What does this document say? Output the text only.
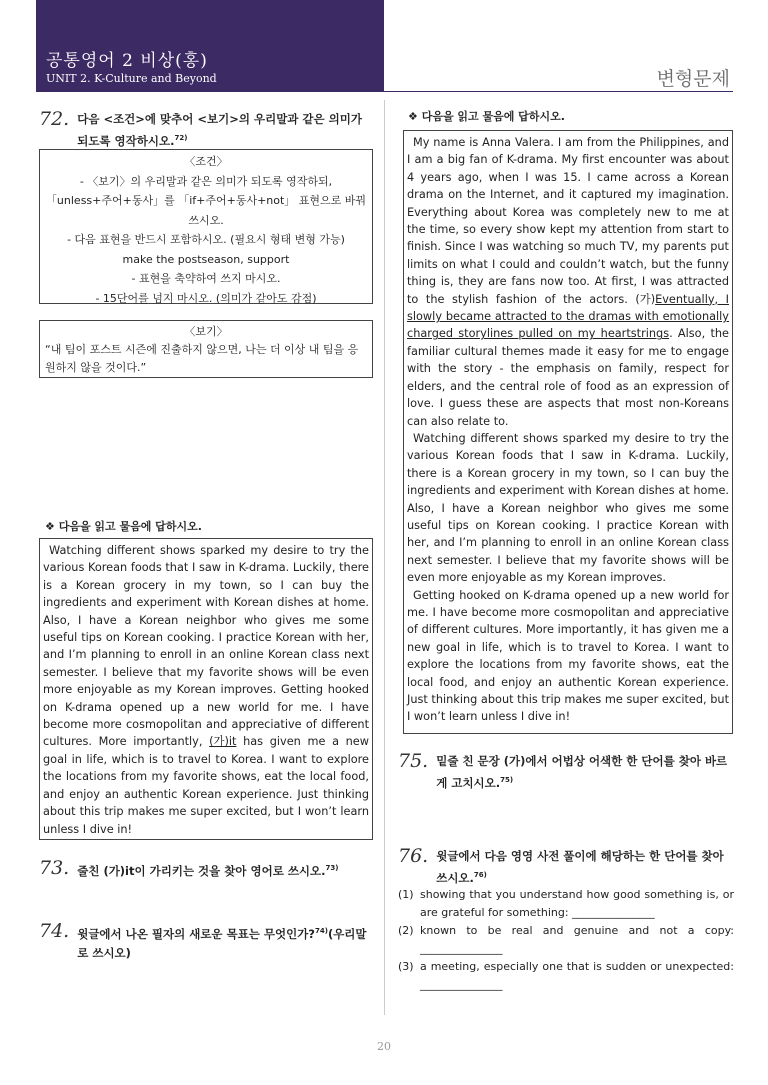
공통영어 2 비상(홍)
UNIT 2. K-Culture and Beyond	변형문제
72. 다음 <조건>에 맞추어 <보기>의 우리말과 같은 의미가 되도록 영작하시오.$^{72)}$
〈조건〉
- 〈보기〉의 우리말과 같은 의미가 되도록 영작하되,
「unless+주어+동사」를 「if+주어+동사+not」 표현으로 바꿔
쓰시오.
- 다음 표현을 반드시 포함하시오. (필요시 형태 변형 가능)
make the postseason, support
- 표현을 축약하여 쓰지 마시오.
- 15단어를 넘지 마시오. (의미가 같아도 감점)
〈보기〉
“내 팀이 포스트 시즌에 진출하지 않으면, 나는 더 이상 내 팀을 응원하지 않을 것이다.”
❖ 다음을 읽고 물음에 답하시오.

Watching different shows sparked my desire to try the various Korean foods that I saw in K-drama. Luckily, there is a Korean grocery in my town, so I can buy the ingredients and experiment with Korean dishes at home. Also, I have a Korean neighbor who gives me some useful tips on Korean cooking. I practice Korean with her, and I’m planning to enroll in an online Korean class next semester. I believe that my favorite shows will be even more enjoyable as my Korean improves. Getting hooked on K-drama opened up a new world for me. I have become more cosmopolitan and appreciative of different cultures. More importantly, (가)it has given me a new goal in life, which is to travel to Korea. I want to explore the locations from my favorite shows, eat the local food, and enjoy an authentic Korean experience. Just thinking about this trip makes me super excited, but I won’t learn unless I dive in!

73. 줄친 (가)it이 가리키는 것을 찾아 영어로 쓰시오.$^{73)}$
74. 윗글에서 나온 필자의 새로운 목표는 무엇인가?$^{74)}$(우리말로 쓰시오)
❖ 다음을 읽고 물음에 답하시오.

My name is Anna Valera. I am from the Philippines, and I am a big fan of K-drama. My first encounter was about 4 years ago, when I was 15. I came across a Korean drama on the Internet, and it captured my imagination. Everything about Korea was completely new to me at the time, so every show kept my attention from start to finish. Since I was watching so much TV, my parents put limits on what I could and couldn’t watch, but the funny thing is, they are fans now too. At first, I was attracted to the stylish fashion of the actors. (가)Eventually, I slowly became attracted to the dramas with emotionally charged storylines pulled on my heartstrings. Also, the familiar cultural themes made it easy for me to engage with the story - the emphasis on family, respect for elders, and the central role of food as an expression of love. I guess these are aspects that most non-Koreans can also relate to.

Watching different shows sparked my desire to try the various Korean foods that I saw in K-drama. Luckily, there is a Korean grocery in my town, so I can buy the ingredients and experiment with Korean dishes at home. Also, I have a Korean neighbor who gives me some useful tips on Korean cooking. I practice Korean with her, and I’m planning to enroll in an online Korean class next semester. I believe that my favorite shows will be even more enjoyable as my Korean improves.

Getting hooked on K-drama opened up a new world for me. I have become more cosmopolitan and appreciative of different cultures. More importantly, it has given me a new goal in life, which is to travel to Korea. I want to explore the locations from my favorite shows, eat the local food, and enjoy an authentic Korean experience. Just thinking about this trip makes me super excited, but I won’t learn unless I dive in!

75. 밑줄 친 문장 (가)에서 어법상 어색한 한 단어를 찾아 바르게 고치시오.$^{75)}$
76. 윗글에서 다음 영영 사전 풀이에 해당하는 한 단어를 찾아 쓰시오.$^{76)}$
(1) showing that you understand how good something is, or are grateful for something: _______________
(2) known to be real and genuine and not a copy: _______________
(3) a meeting, especially one that is sudden or unexpected: _______________
20
